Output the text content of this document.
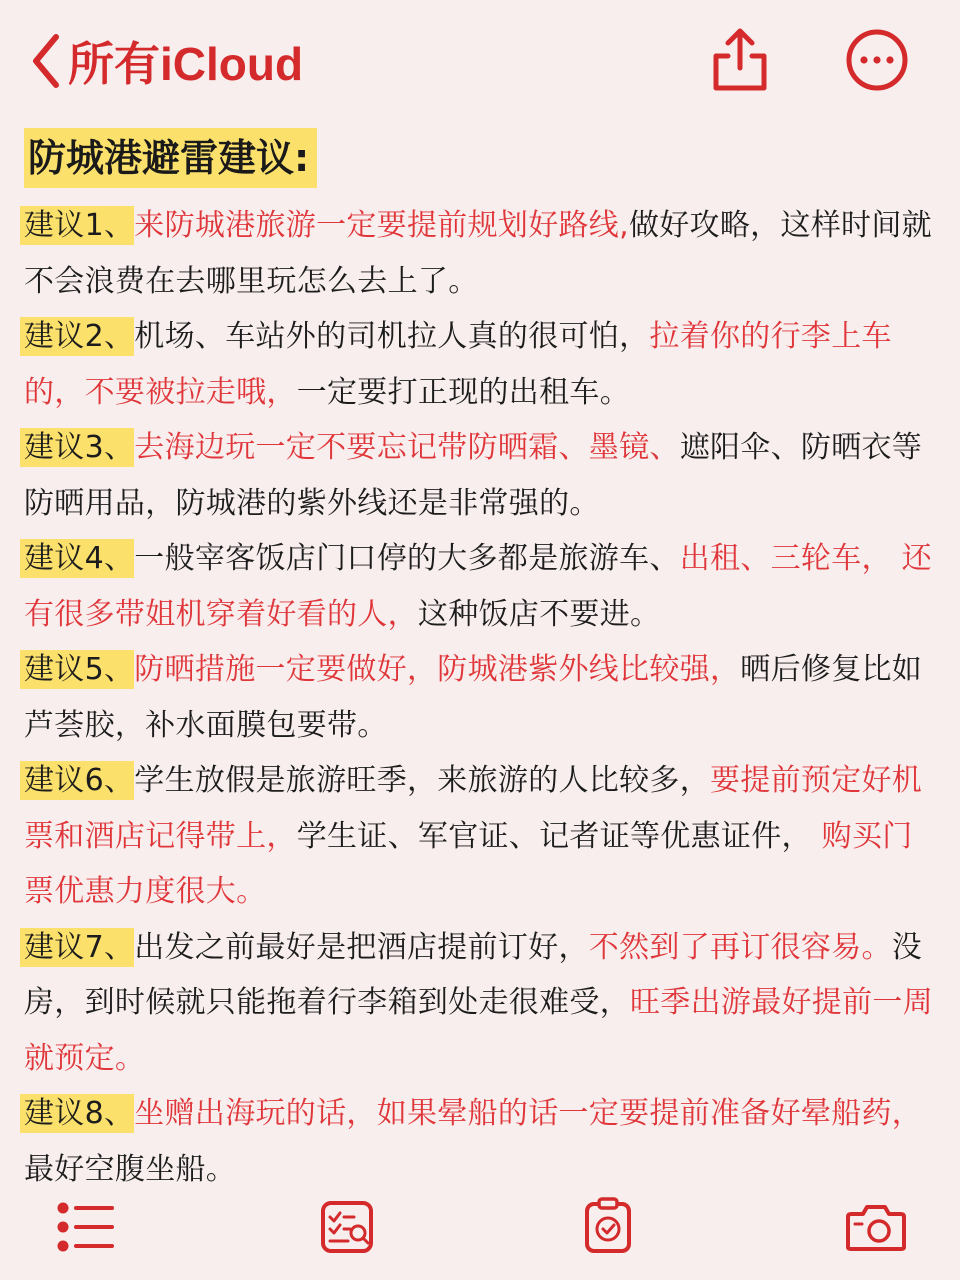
所有iCloud
防城港避雷建议:

建议1、来防城港旅游一定要提前规划好路线,做好攻略，这样时间就不会浪费在去哪里玩怎么去上了。

建议2、机场、车站外的司机拉人真的很可怕，拉着你的行李上车的，不要被拉走哦，一定要打正现的出租车。

建议3、去海边玩一定不要忘记带防晒霜、墨镜、遮阳伞、防晒衣等防晒用品，防城港的紫外线还是非常强的。

建议4、一般宰客饭店门口停的大多都是旅游车、出租、三轮车， 还有很多带姐机穿着好看的人，这种饭店不要进。

建议5、防晒措施一定要做好，防城港紫外线比较强，晒后修复比如芦荟胶，补水面膜包要带。

建议6、学生放假是旅游旺季，来旅游的人比较多，要提前预定好机票和酒店记得带上，学生证、军官证、记者证等优惠证件， 购买门票优惠力度很大。

建议7、出发之前最好是把酒店提前订好，不然到了再订很容易。没房，到时候就只能拖着行李箱到处走很难受，旺季出游最好提前一周就预定。

建议8、坐赠出海玩的话，如果晕船的话一定要提前准备好晕船药，最好空腹坐船。
